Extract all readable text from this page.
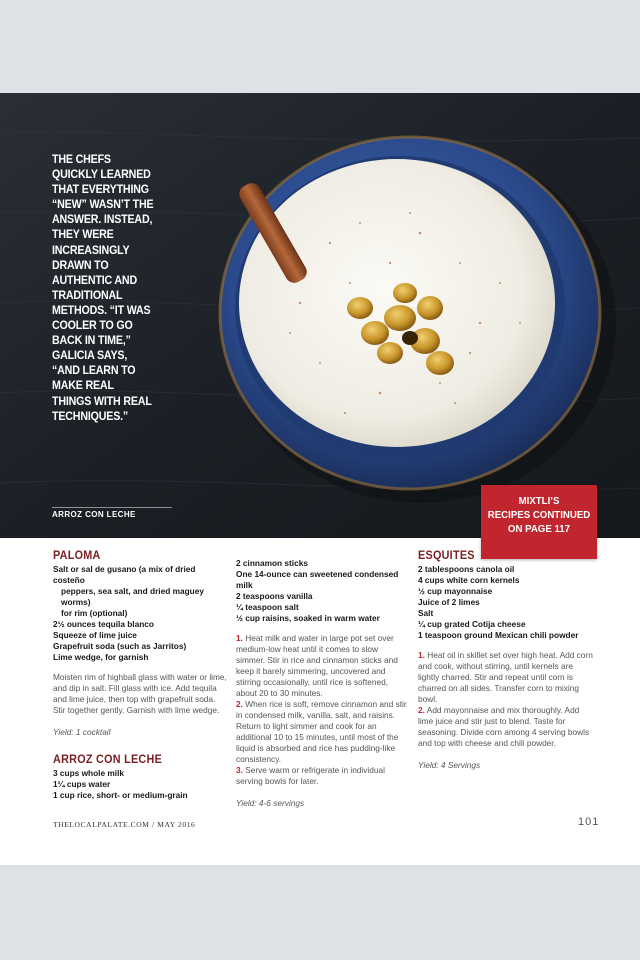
THE CHEFS QUICKLY LEARNED THAT EVERYTHING “NEW” WASN’T THE ANSWER. INSTEAD, THEY WERE INCREASINGLY DRAWN TO AUTHENTIC AND TRADITIONAL METHODS. “IT WAS COOLER TO GO BACK IN TIME,” GALICIA SAYS, “AND LEARN TO MAKE REAL THINGS WITH REAL TECHNIQUES.”
ARROZ CON LECHE
MIXTLI’S
RECIPES CONTINUED
ON PAGE 117
PALOMA
Salt or sal de gusano (a mix of dried costeño
peppers, sea salt, and dried maguey worms)
for rim (optional)
2½ ounces tequila blanco
Squeeze of lime juice
Grapefruit soda (such as Jarritos)
Lime wedge, for garnish
Moisten rim of highball glass with water or lime, and dip in salt. Fill glass with ice. Add tequila and lime juice, then top with grapefruit soda. Stir together gently. Garnish with lime wedge.
Yield: 1 cocktail
ARROZ CON LECHE
3 cups whole milk
1¼ cups water
1 cup rice, short- or medium-grain
2 cinnamon sticks
One 14-ounce can sweetened condensed milk
2 teaspoons vanilla
¼ teaspoon salt
½ cup raisins, soaked in warm water
1. Heat milk and water in large pot set over medium-low heat until it comes to slow simmer. Stir in rice and cinnamon sticks and keep it barely simmering, uncovered and stirring occasionally, until rice is softened, about 20 to 30 minutes.
2. When rice is soft, remove cinnamon and stir in condensed milk, vanilla, salt, and raisins. Return to light simmer and cook for an additional 10 to 15 minutes, until most of the liquid is absorbed and rice has pudding-like consistency.
3. Serve warm or refrigerate in individual serving bowls for later.
Yield: 4-6 servings
ESQUITES
2 tablespoons canola oil
4 cups white corn kernels
½ cup mayonnaise
Juice of 2 limes
Salt
¼ cup grated Cotija cheese
1 teaspoon ground Mexican chili powder
1. Heat oil in skillet set over high heat. Add corn and cook, without stirring, until kernels are lightly charred. Stir and repeat until corn is charred on all sides. Transfer corn to mixing bowl.
2. Add mayonnaise and mix thoroughly. Add lime juice and stir just to blend. Taste for seasoning. Divide corn among 4 serving bowls and top with cheese and chili powder.
Yield: 4 Servings
THELOCALPALATE.COM / MAY 2016	101
